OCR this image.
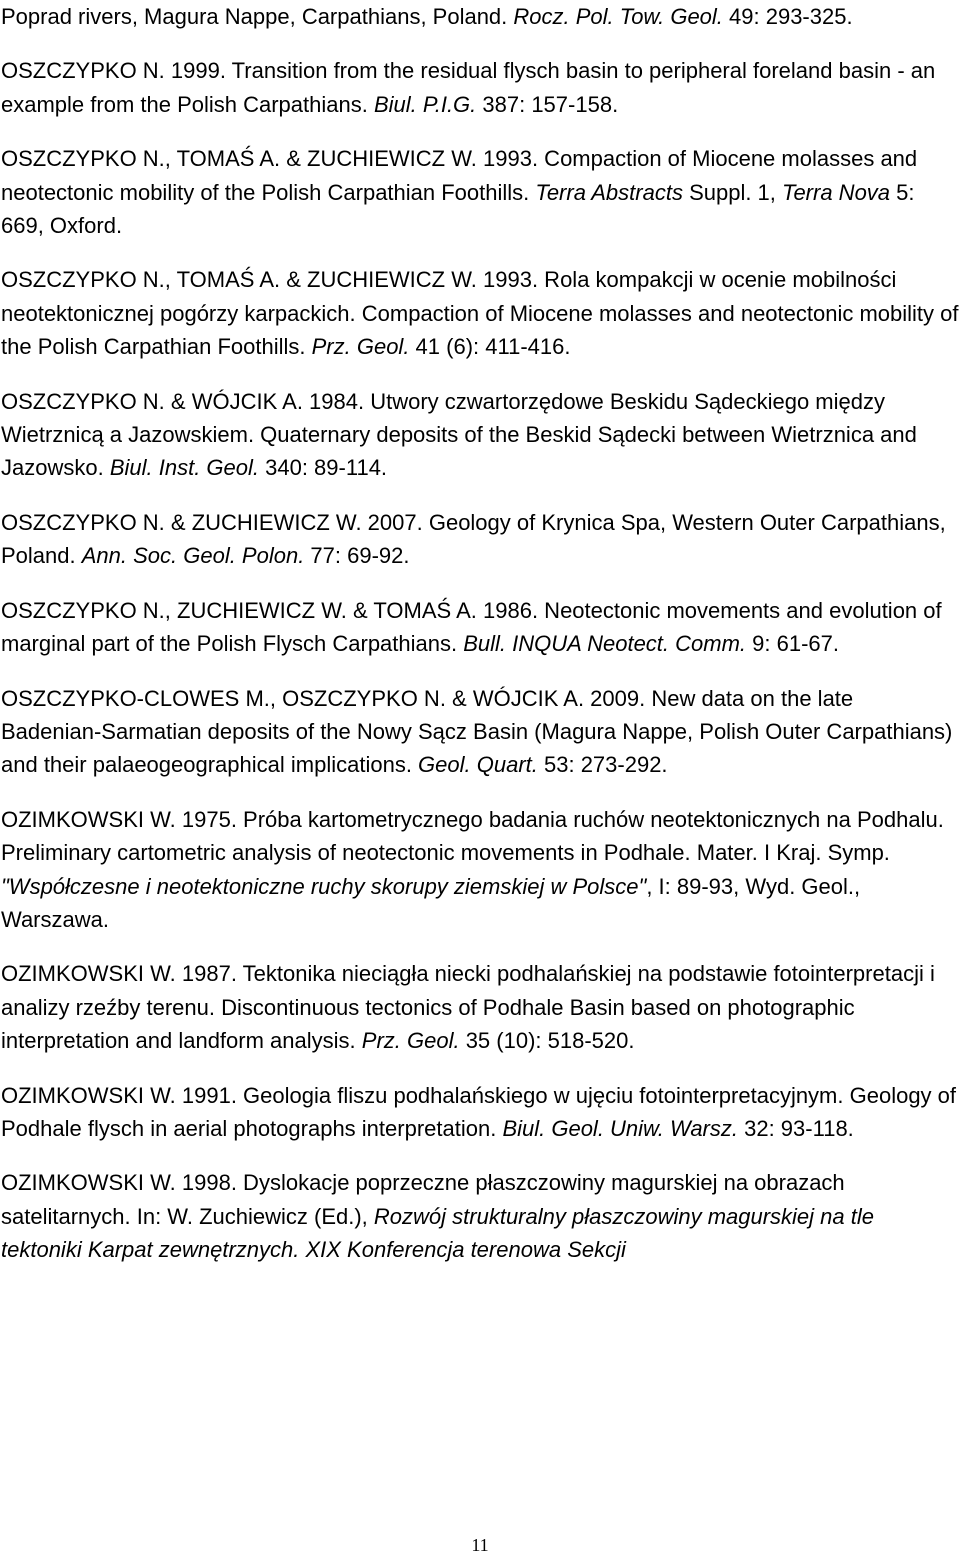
Poprad rivers, Magura Nappe, Carpathians, Poland. Rocz. Pol. Tow. Geol. 49: 293-325.

OSZCZYPKO N. 1999. Transition from the residual flysch basin to peripheral foreland basin - an example from the Polish Carpathians. Biul. P.I.G. 387: 157-158.

OSZCZYPKO N., TOMAŚ A. & ZUCHIEWICZ W. 1993. Compaction of Miocene molasses and neotectonic mobility of the Polish Carpathian Foothills. Terra Abstracts Suppl. 1, Terra Nova 5: 669, Oxford.

OSZCZYPKO N., TOMAŚ A. & ZUCHIEWICZ W. 1993. Rola kompakcji w ocenie mobilności neotektonicznej pogórzy karpackich. Compaction of Miocene molasses and neotectonic mobility of the Polish Carpathian Foothills. Prz. Geol. 41 (6): 411-416.

OSZCZYPKO N. & WÓJCIK A. 1984. Utwory czwartorzędowe Beskidu Sądeckiego między Wietrznicą a Jazowskiem. Quaternary deposits of the Beskid Sądecki between Wietrznica and Jazowsko. Biul. Inst. Geol. 340: 89-114.

OSZCZYPKO N. & ZUCHIEWICZ W. 2007. Geology of Krynica Spa, Western Outer Carpathians, Poland. Ann. Soc. Geol. Polon. 77: 69-92.

OSZCZYPKO N., ZUCHIEWICZ W. & TOMAŚ A. 1986. Neotectonic movements and evolution of marginal part of the Polish Flysch Carpathians. Bull. INQUA Neotect. Comm. 9: 61-67.

OSZCZYPKO-CLOWES M., OSZCZYPKO N. & WÓJCIK A. 2009. New data on the late Badenian-Sarmatian deposits of the Nowy Sącz Basin (Magura Nappe, Polish Outer Carpathians) and their palaeogeographical implications. Geol. Quart. 53: 273-292.

OZIMKOWSKI W. 1975. Próba kartometrycznego badania ruchów neotektonicznych na Podhalu. Preliminary cartometric analysis of neotectonic movements in Podhale. Mater. I Kraj. Symp. "Współczesne i neotektoniczne ruchy skorupy ziemskiej w Polsce", I: 89-93, Wyd. Geol., Warszawa.

OZIMKOWSKI W. 1987. Tektonika nieciągła niecki podhalańskiej na podstawie fotointerpretacji i analizy rzeźby terenu. Discontinuous tectonics of Podhale Basin based on photographic interpretation and landform analysis. Prz. Geol. 35 (10): 518-520.

OZIMKOWSKI W. 1991. Geologia fliszu podhalańskiego w ujęciu fotointerpretacyjnym. Geology of Podhale flysch in aerial photographs interpretation. Biul. Geol. Uniw. Warsz. 32: 93-118.

OZIMKOWSKI W. 1998. Dyslokacje poprzeczne płaszczowiny magurskiej na obrazach satelitarnych. In: W. Zuchiewicz (Ed.), Rozwój strukturalny płaszczowiny magurskiej na tle tektoniki Karpat zewnętrznych. XIX Konferencja terenowa Sekcji

11
